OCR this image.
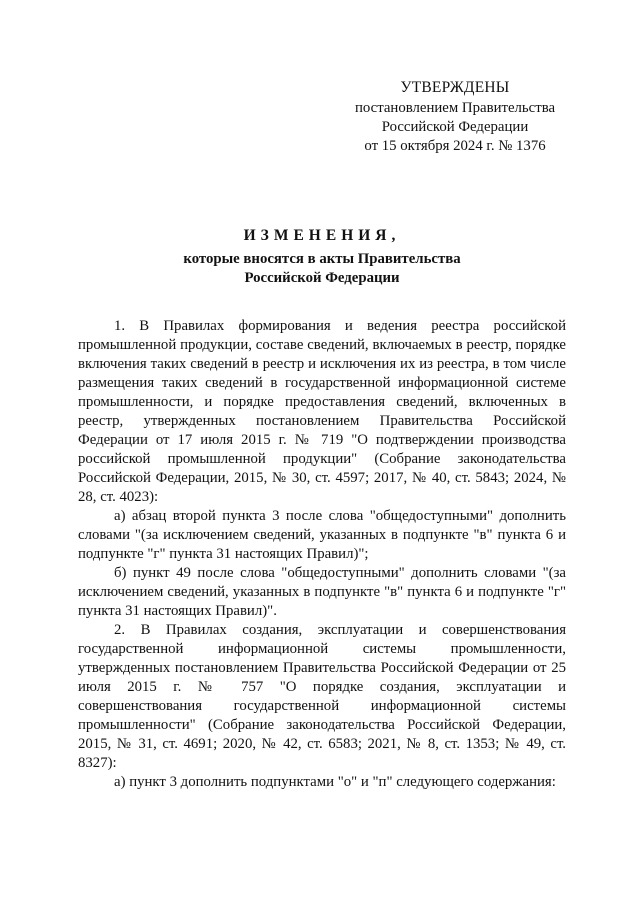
УТВЕРЖДЕНЫ
постановлением Правительства
Российской Федерации
от 15 октября 2024 г. № 1376
ИЗМЕНЕНИЯ,
которые вносятся в акты Правительства
Российской Федерации

1. В Правилах формирования и ведения реестра российской промышленной продукции, составе сведений, включаемых в реестр, порядке включения таких сведений в реестр и исключения их из реестра, в том числе размещения таких сведений в государственной информационной системе промышленности, и порядке предоставления сведений, включенных в реестр, утвержденных постановлением Правительства Российской Федерации от 17 июля 2015 г. № 719 "О подтверждении производства российской промышленной продукции" (Собрание законодательства Российской Федерации, 2015, № 30, ст. 4597; 2017, № 40, ст. 5843; 2024, № 28, ст. 4023):

а) абзац второй пункта 3 после слова "общедоступными" дополнить словами "(за исключением сведений, указанных в подпункте "в" пункта 6 и подпункте "г" пункта 31 настоящих Правил)";

б) пункт 49 после слова "общедоступными" дополнить словами "(за исключением сведений, указанных в подпункте "в" пункта 6 и подпункте "г" пункта 31 настоящих Правил)".

2. В Правилах создания, эксплуатации и совершенствования государственной информационной системы промышленности, утвержденных постановлением Правительства Российской Федерации от 25 июля 2015 г. № 757 "О порядке создания, эксплуатации и совершенствования государственной информационной системы промышленности" (Собрание законодательства Российской Федерации, 2015, № 31, ст. 4691; 2020, № 42, ст. 6583; 2021, № 8, ст. 1353; № 49, ст. 8327):

а) пункт 3 дополнить подпунктами "о" и "п" следующего содержания:
